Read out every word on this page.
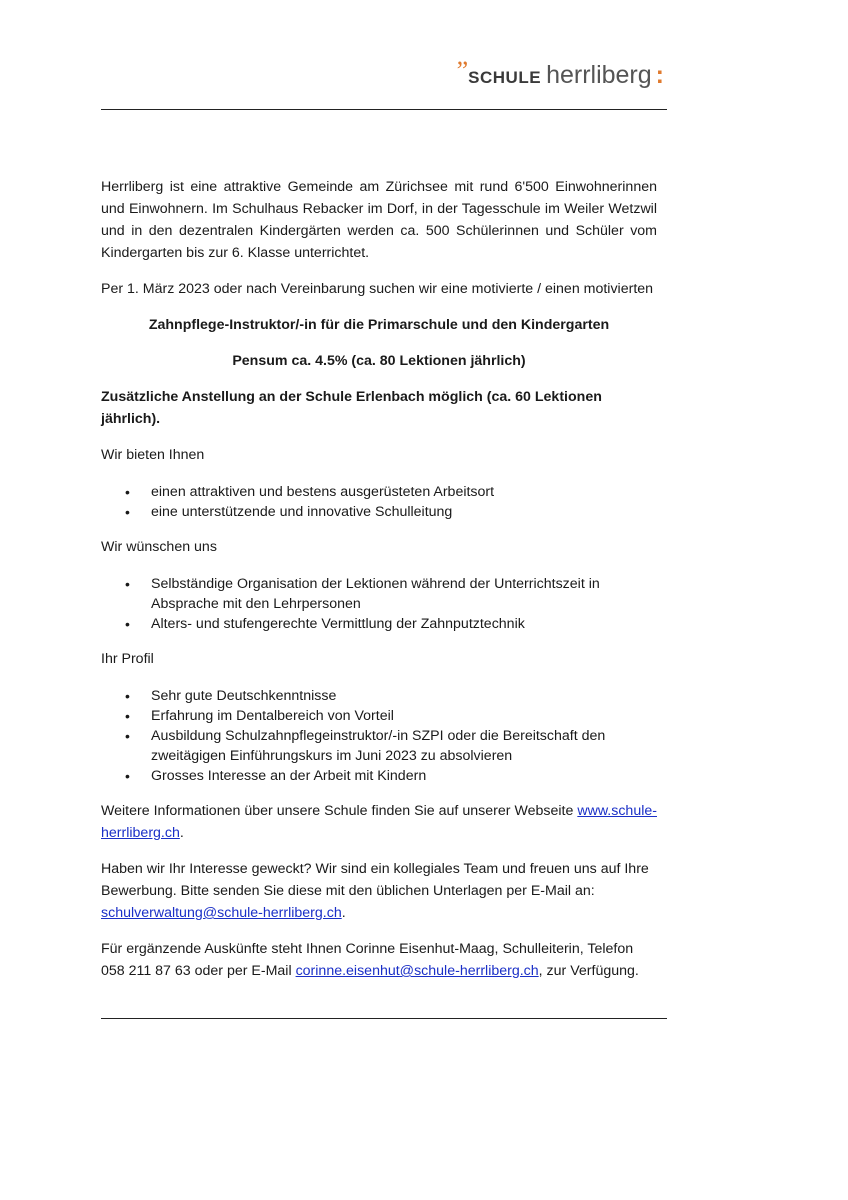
” SCHULE herrliberg :

Herrliberg ist eine attraktive Gemeinde am Zürichsee mit rund 6'500 Einwohnerinnen und Einwohnern. Im Schulhaus Rebacker im Dorf, in der Tagesschule im Weiler Wetzwil und in den dezentralen Kindergärten werden ca. 500 Schülerinnen und Schüler vom Kindergarten bis zur 6. Klasse unterrichtet.

Per 1. März 2023 oder nach Vereinbarung suchen wir eine motivierte / einen motivierten

Zahnpflege-Instruktor/-in für die Primarschule und den Kindergarten

Pensum ca. 4.5% (ca. 80 Lektionen jährlich)

Zusätzliche Anstellung an der Schule Erlenbach möglich (ca. 60 Lektionen jährlich).

Wir bieten Ihnen

• einen attraktiven und bestens ausgerüsteten Arbeitsort
• eine unterstützende und innovative Schulleitung

Wir wünschen uns

• Selbständige Organisation der Lektionen während der Unterrichtszeit in Absprache mit den Lehrpersonen
• Alters- und stufengerechte Vermittlung der Zahnputztechnik

Ihr Profil

• Sehr gute Deutschkenntnisse
• Erfahrung im Dentalbereich von Vorteil
• Ausbildung Schulzahnpflegeinstruktor/-in SZPI oder die Bereitschaft den zweitägigen Einführungskurs im Juni 2023 zu absolvieren
• Grosses Interesse an der Arbeit mit Kindern

Weitere Informationen über unsere Schule finden Sie auf unserer Webseite www.schule-herrliberg.ch.

Haben wir Ihr Interesse geweckt? Wir sind ein kollegiales Team und freuen uns auf Ihre Bewerbung. Bitte senden Sie diese mit den üblichen Unterlagen per E-Mail an: schulverwaltung@schule-herrliberg.ch.

Für ergänzende Auskünfte steht Ihnen Corinne Eisenhut-Maag, Schulleiterin, Telefon 058 211 87 63 oder per E-Mail corinne.eisenhut@schule-herrliberg.ch, zur Verfügung.
